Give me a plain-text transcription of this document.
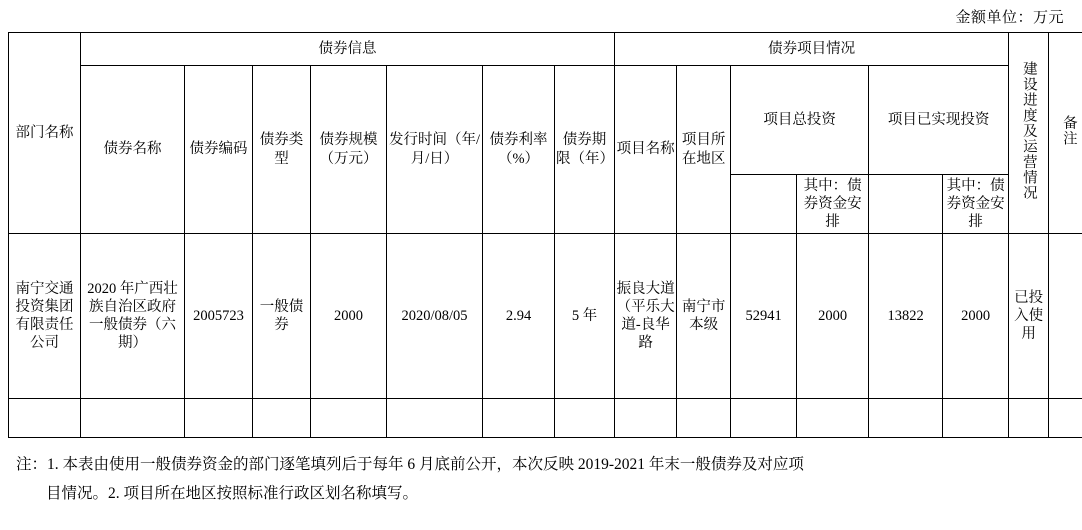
金额单位：万元
部门名称	债券信息							债券项目情况						建设进度及运营情况	备注
	债券名称	债券编码	债券类型	债券规模（万元）	发行时间（年/月/日）	债券利率（%）	债券期限（年）	项目名称	项目所在地区	项目总投资		项目已实现投资			
											其中：债券资金安排		其中：债券资金安排		
南宁交通投资集团有限责任公司	2020 年广西壮族自治区政府一般债券（六期）	2005723	一般债券	2000	2020/08/05	2.94	5 年	振良大道（平乐大道-良华路	南宁市本级	52941	2000	13822	2000	已投入使用	

注：1. 本表由使用一般债券资金的部门逐笔填列后于每年 6 月底前公开，本次反映 2019-2021 年末一般债券及对应项
目情况。2. 项目所在地区按照标准行政区划名称填写。
